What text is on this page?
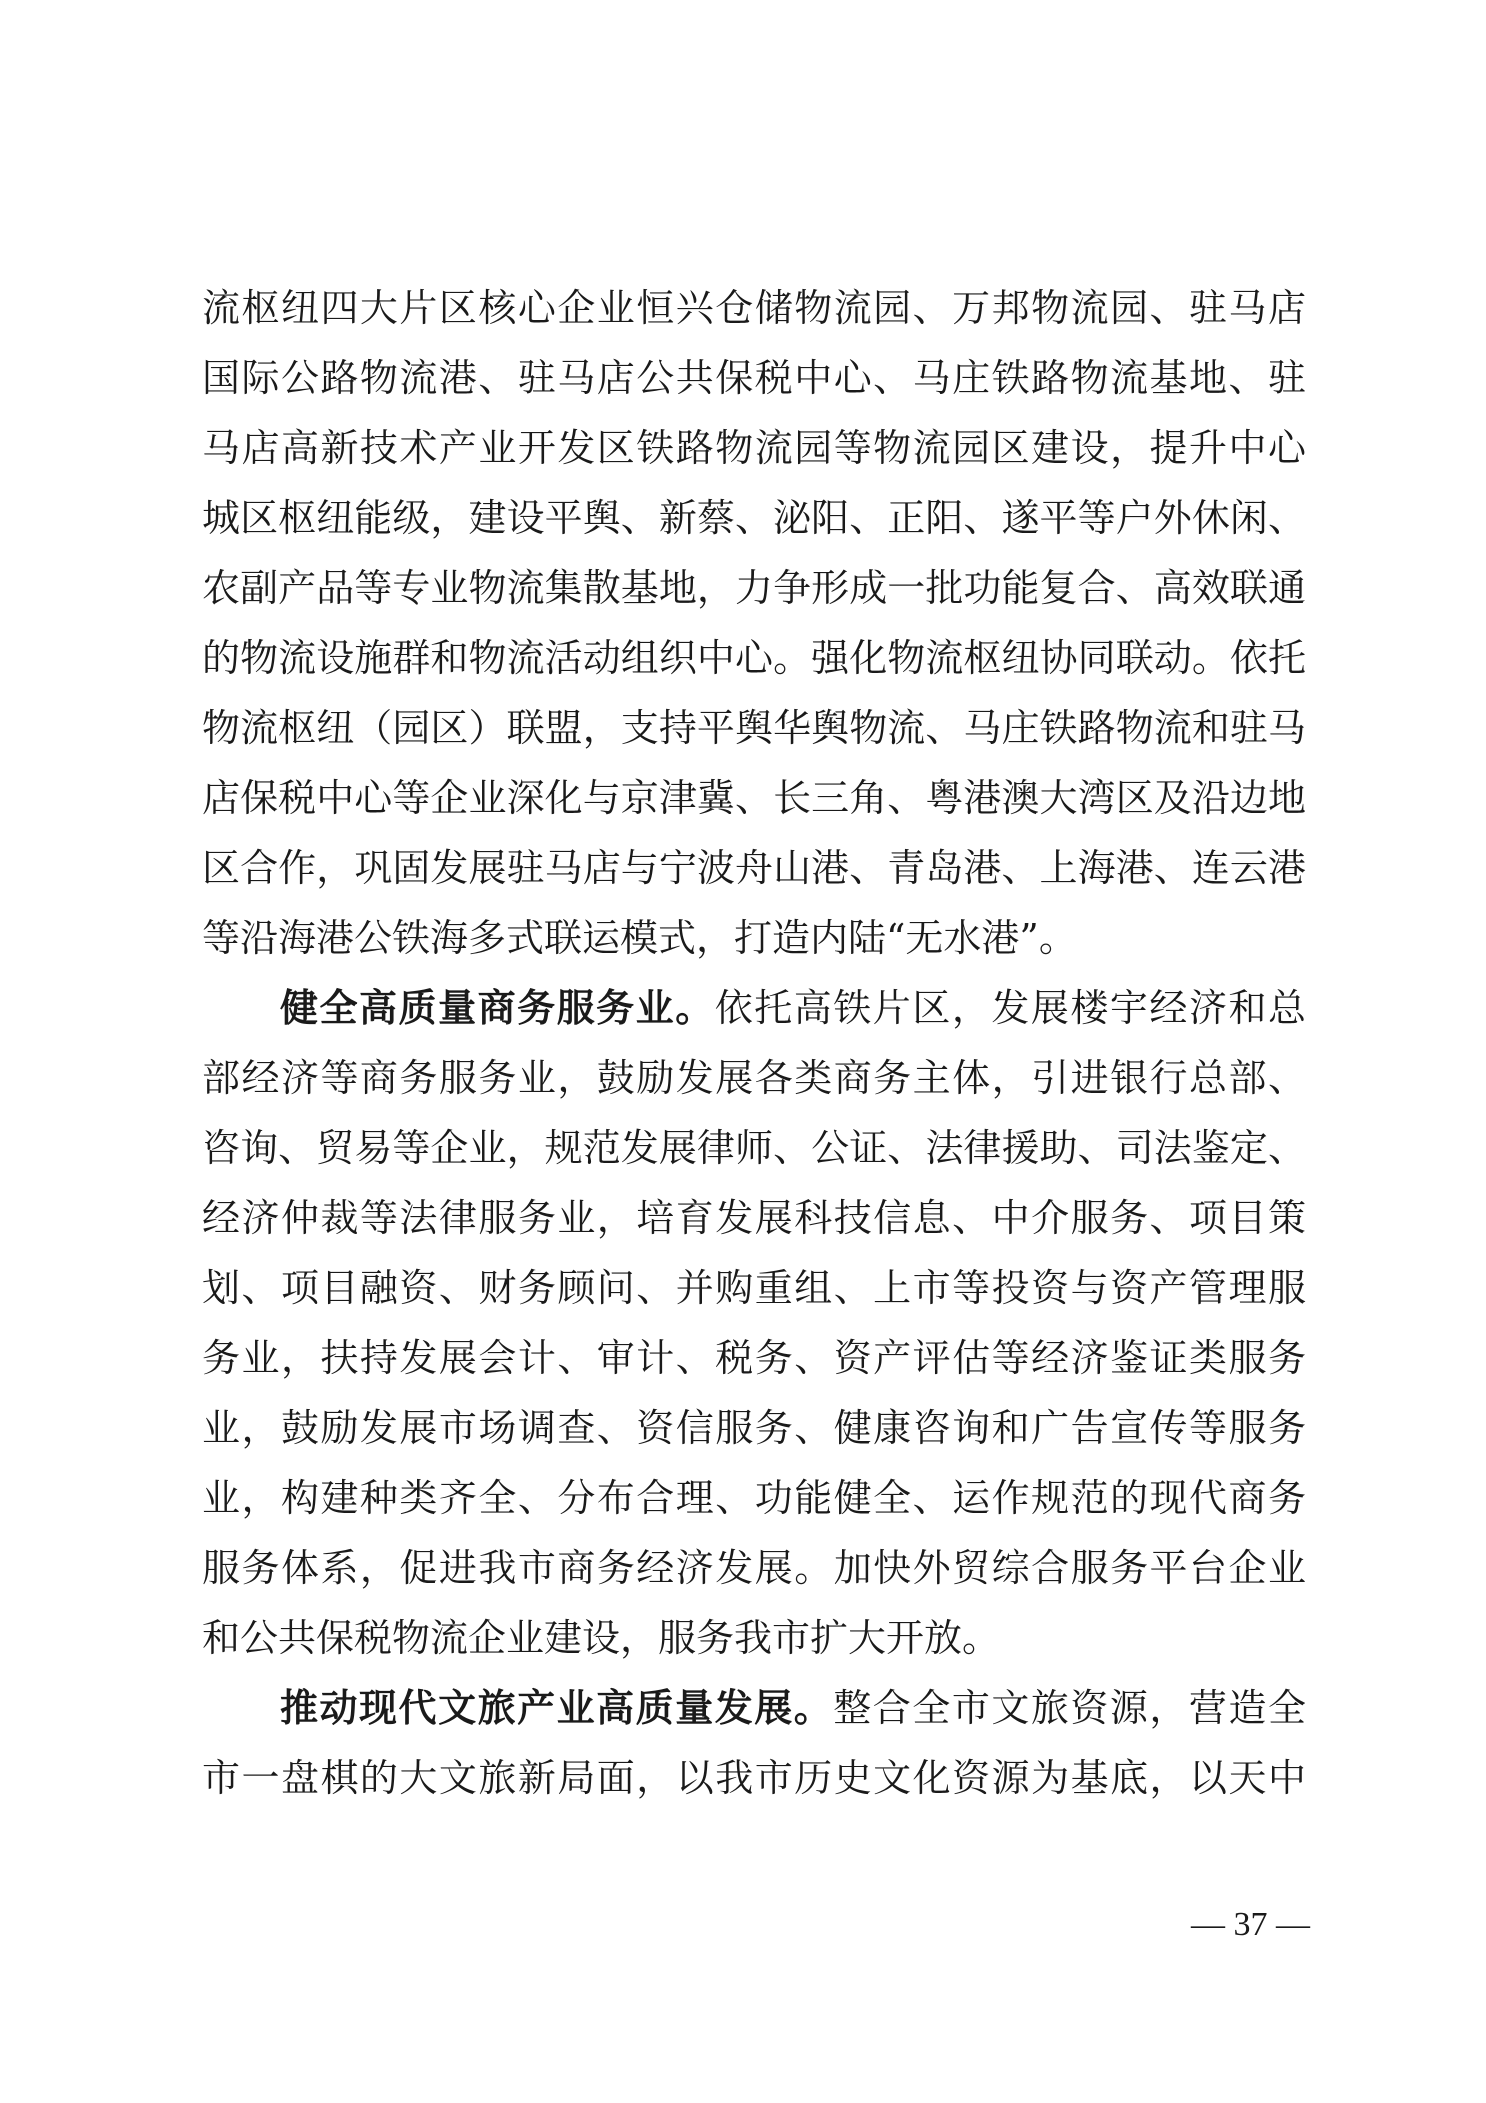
流枢纽四大片区核心企业恒兴仓储物流园、万邦物流园、驻马店
国际公路物流港、驻马店公共保税中心、马庄铁路物流基地、驻
马店高新技术产业开发区铁路物流园等物流园区建设，提升中心
城区枢纽能级，建设平舆、新蔡、泌阳、正阳、遂平等户外休闲、
农副产品等专业物流集散基地，力争形成一批功能复合、高效联通
的物流设施群和物流活动组织中心。强化物流枢纽协同联动。依托
物流枢纽（园区）联盟，支持平舆华舆物流、马庄铁路物流和驻马
店保税中心等企业深化与京津冀、长三角、粤港澳大湾区及沿边地
区合作，巩固发展驻马店与宁波舟山港、青岛港、上海港、连云港
等沿海港公铁海多式联运模式，打造内陆“无水港”。
健全高质量商务服务业。依托高铁片区，发展楼宇经济和总
部经济等商务服务业，鼓励发展各类商务主体，引进银行总部、
咨询、贸易等企业，规范发展律师、公证、法律援助、司法鉴定、
经济仲裁等法律服务业，培育发展科技信息、中介服务、项目策
划、项目融资、财务顾问、并购重组、上市等投资与资产管理服
务业，扶持发展会计、审计、税务、资产评估等经济鉴证类服务
业，鼓励发展市场调查、资信服务、健康咨询和广告宣传等服务
业，构建种类齐全、分布合理、功能健全、运作规范的现代商务
服务体系，促进我市商务经济发展。加快外贸综合服务平台企业
和公共保税物流企业建设，服务我市扩大开放。
推动现代文旅产业高质量发展。整合全市文旅资源，营造全
市一盘棋的大文旅新局面，以我市历史文化资源为基底，以天中
— 37 —
